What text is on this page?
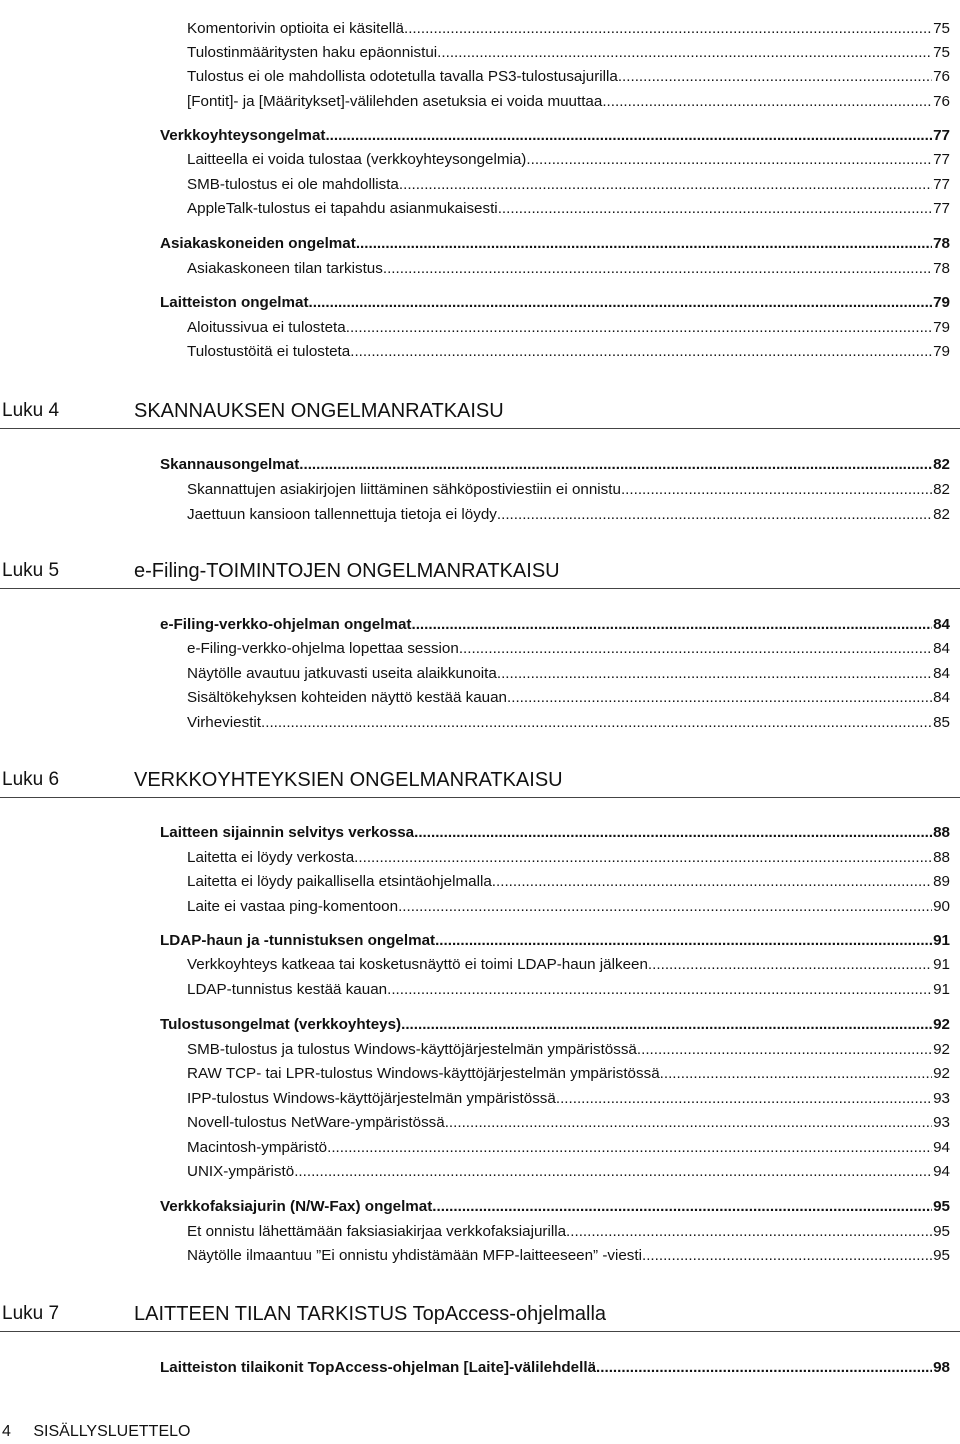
Komentorivin optioita ei käsitellä .....	75
Tulostinmääritysten haku epäonnistui .....	75
Tulostus ei ole mahdollista odotetulla tavalla PS3-tulostusajurilla .....	76
[Fontit]- ja [Määritykset]-välilehden asetuksia ei voida muuttaa. .....	76
Verkkoyhteysongelmat .....	77
Laitteella ei voida tulostaa (verkkoyhteysongelmia) .....	77
SMB-tulostus ei ole mahdollista .....	77
AppleTalk-tulostus ei tapahdu asianmukaisesti .....	77
Asiakaskoneiden ongelmat .....	78
Asiakaskoneen tilan tarkistus .....	78
Laitteiston ongelmat .....	79
Aloitussivua ei tulosteta .....	79
Tulostustöitä ei tulosteta .....	79
Luku 4	SKANNAUKSEN ONGELMANRATKAISU
Skannausongelmat .....	82
Skannattujen asiakirjojen liittäminen sähköpostiviestiin ei onnistu .....	82
Jaettuun kansioon tallennettuja tietoja ei löydy .....	82
Luku 5	e-Filing-TOIMINTOJEN ONGELMANRATKAISU
e-Filing-verkko-ohjelman ongelmat .....	84
e-Filing-verkko-ohjelma lopettaa session .....	84
Näytölle avautuu jatkuvasti useita alaikkunoita. .....	84
Sisältökehyksen kohteiden näyttö kestää kauan. .....	84
Virheviestit .....	85
Luku 6	VERKKOYHTEYKSIEN ONGELMANRATKAISU
Laitteen sijainnin selvitys verkossa .....	88
Laitetta ei löydy verkosta .....	88
Laitetta ei löydy paikallisella etsintäohjelmalla .....	89
Laite ei vastaa ping-komentoon. .....	90
LDAP-haun ja -tunnistuksen ongelmat .....	91
Verkkoyhteys katkeaa tai kosketusnäyttö ei toimi LDAP-haun jälkeen. .....	91
LDAP-tunnistus kestää kauan. .....	91
Tulostusongelmat (verkkoyhteys) .....	92
SMB-tulostus ja tulostus Windows-käyttöjärjestelmän ympäristössä .....	92
RAW TCP- tai LPR-tulostus Windows-käyttöjärjestelmän ympäristössä .....	92
IPP-tulostus Windows-käyttöjärjestelmän ympäristössä .....	93
Novell-tulostus NetWare-ympäristössä .....	93
Macintosh-ympäristö .....	94
UNIX-ympäristö .....	94
Verkkofaksiajurin (N/W-Fax) ongelmat .....	95
Et onnistu lähettämään faksiasiakirjaa verkkofaksiajurilla .....	95
Näytölle ilmaantuu ”Ei onnistu yhdistämään MFP-laitteeseen” -viesti. .....	95
Luku 7	LAITTEEN TILAN TARKISTUS TopAccess-ohjelmalla
Laitteiston tilaikonit TopAccess-ohjelman [Laite]-välilehdellä .....	98
4 SISÄLLYSLUETTELO
